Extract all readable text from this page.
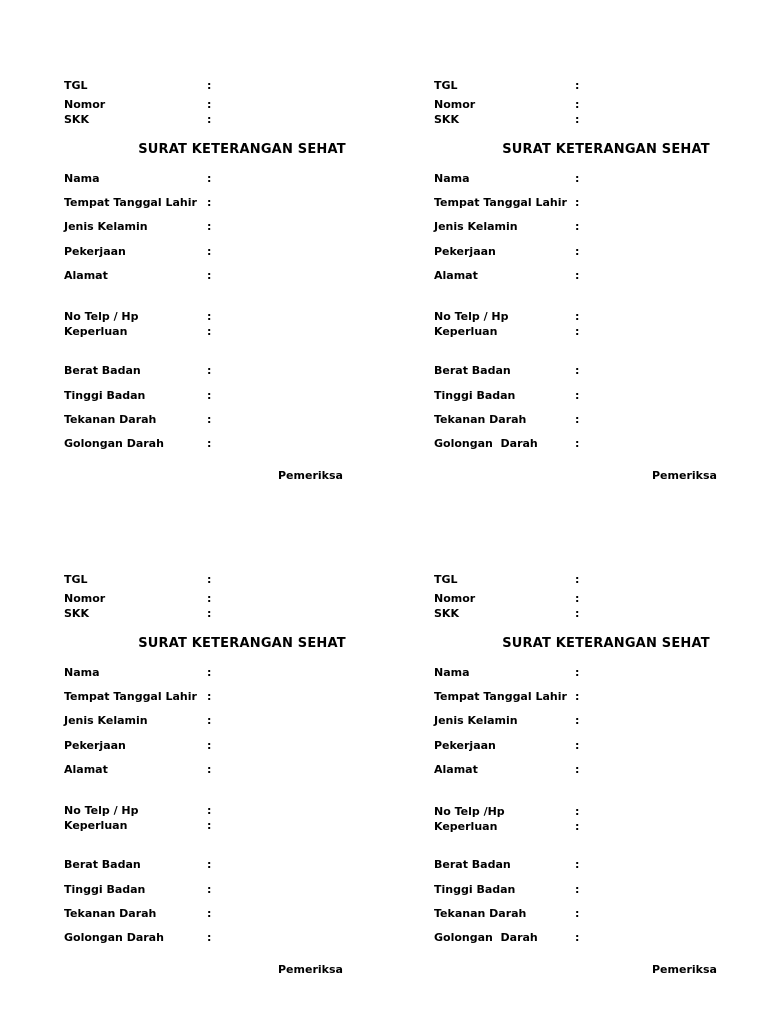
TGL	:
Nomor	:
SKK	:
SURAT KETERANGAN SEHAT
Nama	:
Tempat Tanggal Lahir :
Jenis Kelamin	:
Pekerjaan	:
Alamat	:
No Telp / Hp	:
Keperluan	:
Berat Badan	:
Tinggi Badan	:
Tekanan Darah	:
Golongan Darah	:
Pemeriksa
TGL	:
Nomor	:
SKK	:
SURAT KETERANGAN SEHAT
Nama	:
Tempat Tanggal Lahir :
Jenis Kelamin	:
Pekerjaan	:
Alamat	:
No Telp / Hp	:
Keperluan	:
Berat Badan	:
Tinggi Badan	:
Tekanan Darah	:
Golongan  Darah	:
Pemeriksa
TGL	:
Nomor	:
SKK	:
SURAT KETERANGAN SEHAT
Nama	:
Tempat Tanggal Lahir :
Jenis Kelamin	:
Pekerjaan	:
Alamat	:
No Telp / Hp	:
Keperluan	:
Berat Badan	:
Tinggi Badan	:
Tekanan Darah	:
Golongan Darah	:
Pemeriksa
TGL	:
Nomor	:
SKK	:
SURAT KETERANGAN SEHAT
Nama	:
Tempat Tanggal Lahir :
Jenis Kelamin	:
Pekerjaan	:
Alamat	:
No Telp /Hp	:
Keperluan	:
Berat Badan	:
Tinggi Badan	:
Tekanan Darah	:
Golongan  Darah	:
Pemeriksa
